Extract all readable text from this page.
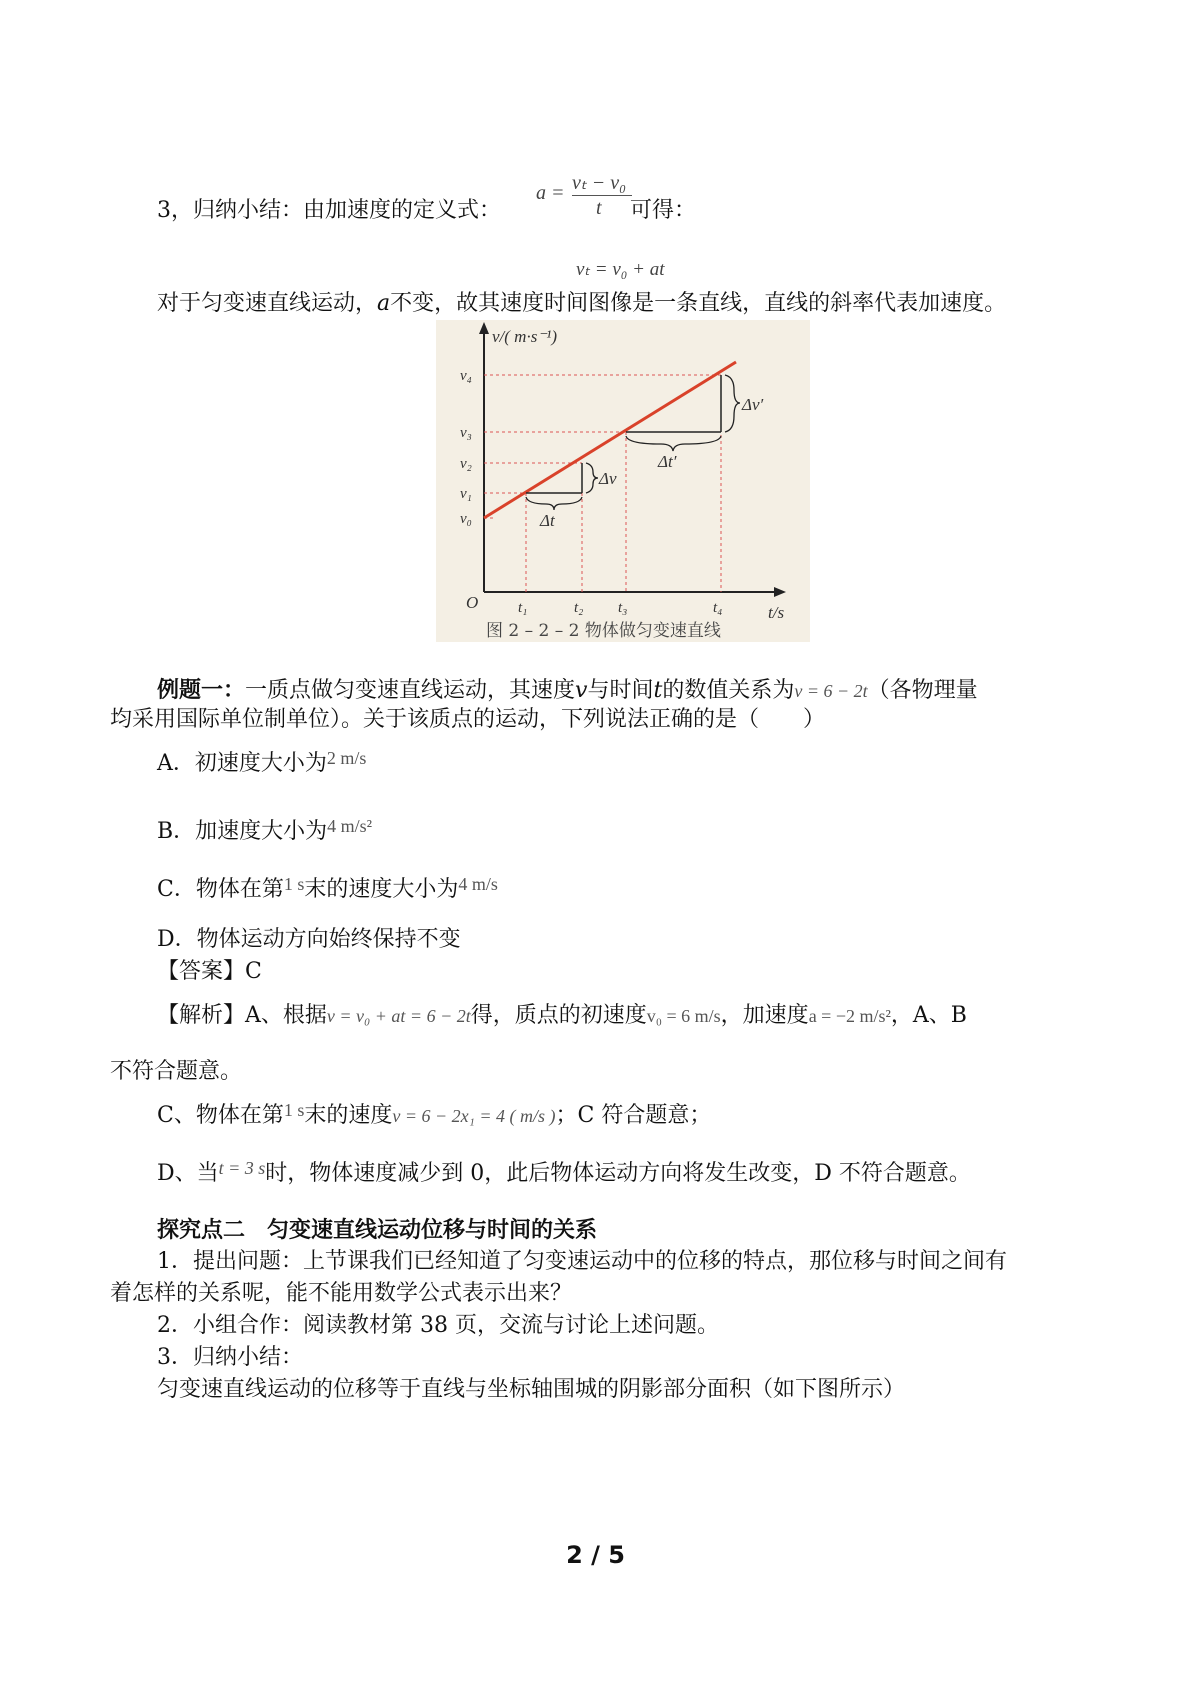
3，归纳小结：由加速度的定义式：
a = vₜ − v₀
t 可得：
vₜ = v₀ + at
对于匀变速直线运动，a不变，故其速度时间图像是一条直线，直线的斜率代表加速度。
v/( m·s⁻¹)
t/s
O
v₄
v₃
v₂
v₁
v₀
t₁	t₂ t₃	t₄
Δv
Δt
Δv′
Δt′
图 2 – 2 – 2 物体做匀变速直线
例题一：一质点做匀变速直线运动，其速度v与时间t的数值关系为v = 6 − 2t（各物理量
均采用国际单位制单位）。关于该质点的运动，下列说法正确的是（　　）
A．初速度大小为$^{2 m/s}$
B．加速度大小为$^{4 m/s^2}$
C．物体在第$^{1 s}$末的速度大小为$^{4 m/s}$
D．物体运动方向始终保持不变
【答案】C
【解析】A、根据v = v₀ + at = 6 − 2t得，质点的初速度v₀ = 6 m/s，加速度a = −2 m/s²，A、B
不符合题意。
C、物体在第$^{1 s}$末的速度v = 6 − 2x₁ = 4 ( m/s )；C 符合题意；
D、当$^{t = 3 s}$时，物体速度减少到 0，此后物体运动方向将发生改变，D 不符合题意。
探究点二　匀变速直线运动位移与时间的关系
1．提出问题：上节课我们已经知道了匀变速运动中的位移的特点，那位移与时间之间有
着怎样的关系呢，能不能用数学公式表示出来？
2．小组合作：阅读教材第 38 页，交流与讨论上述问题。
3．归纳小结：
匀变速直线运动的位移等于直线与坐标轴围城的阴影部分面积（如下图所示）
2 / 5
